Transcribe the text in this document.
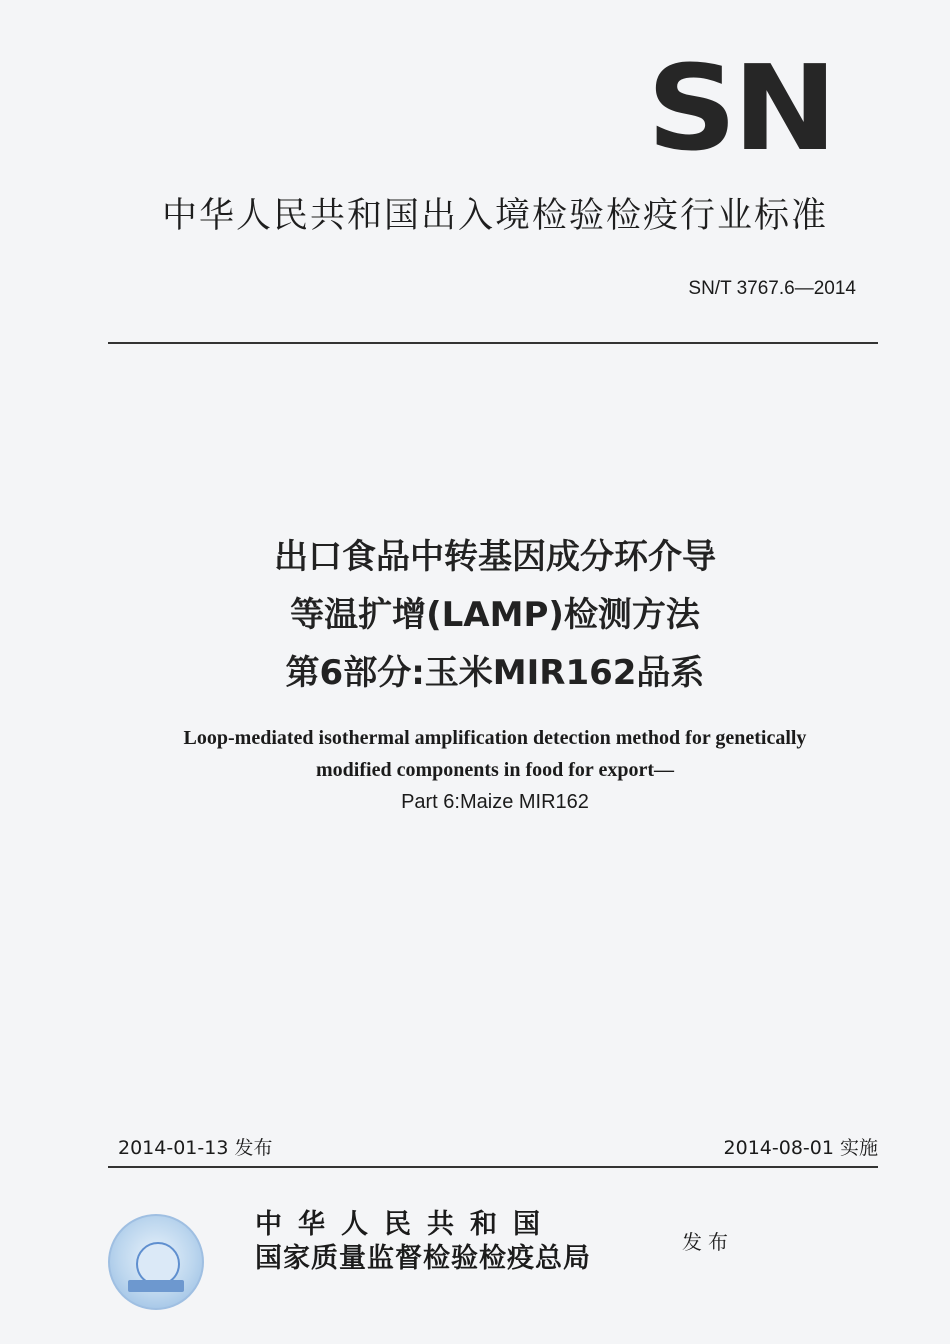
SN
中华人民共和国出入境检验检疫行业标准
SN/T 3767.6—2014
出口食品中转基因成分环介导
等温扩增(LAMP)检测方法
第6部分:玉米MIR162品系
Loop-mediated isothermal amplification detection method for genetically
modified components in food for export—
Part 6:Maize MIR162
2014-01-13 发布	2014-08-01 实施
中华人民共和国
国家质量监督检验检疫总局
发布
